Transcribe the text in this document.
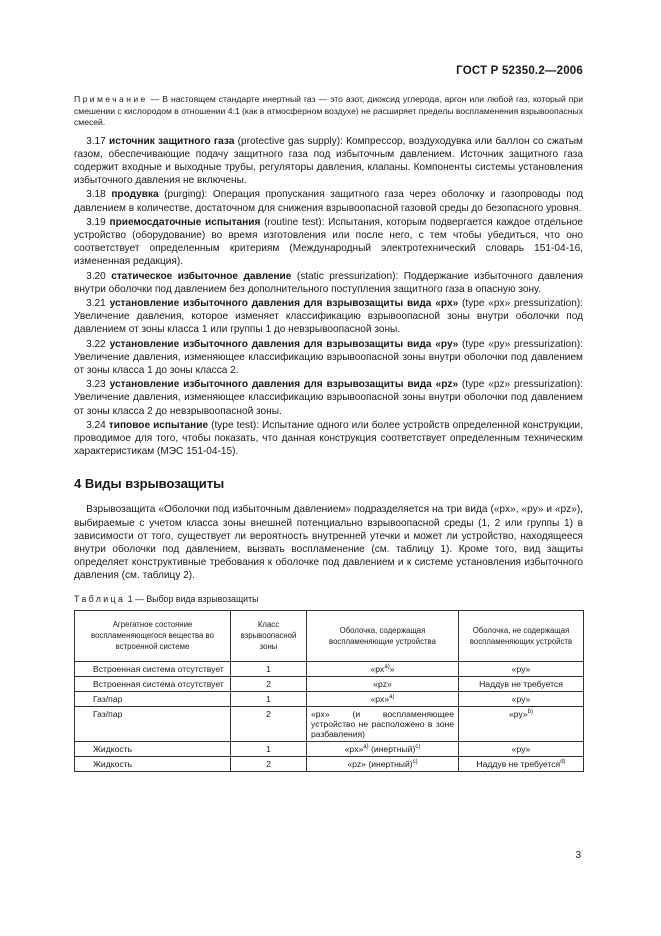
ГОСТ Р 52350.2—2006

Примечание — В настоящем стандарте инертный газ — это азот, диоксид углерода, аргон или любой газ, который при смешении с кислородом в отношении 4:1 (как в атмосферном воздухе) не расширяет пределы воспламенения взрывоопасных смесей.

3.17 источник защитного газа (protective gas supply): Компрессор, воздуходувка или баллон со сжатым газом, обеспечивающие подачу защитного газа под избыточным давлением. Источник защитного газа содержит входные и выходные трубы, регуляторы давления, клапаны. Компоненты системы установления избыточного давления не включены.

3.18 продувка (purging): Операция пропускания защитного газа через оболочку и газопроводы под давлением в количестве, достаточном для снижения взрывоопасной газовой среды до безопасного уровня.

3.19 приемосдаточные испытания (routine test): Испытания, которым подвергается каждое отдельное устройство (оборудование) во время изготовления или после него, с тем чтобы убедиться, что оно соответствует определенным критериям (Международный электротехнический словарь 151-04-16, измененная редакция).

3.20 статическое избыточное давление (static pressurization): Поддержание избыточного давления внутри оболочки под давлением без дополнительного поступления защитного газа в опасную зону.

3.21 установление избыточного давления для взрывозащиты вида «px» (type «px» pressurization): Увеличение давления, которое изменяет классификацию взрывоопасной зоны внутри оболочки под давлением от зоны класса 1 или группы 1 до невзрывоопасной зоны.

3.22 установление избыточного давления для взрывозащиты вида «py» (type «py» pressurization): Увеличение давления, изменяющее классификацию взрывоопасной зоны внутри оболочки под давлением от зоны класса 1 до зоны класса 2.

3.23 установление избыточного давления для взрывозащиты вида «pz» (type «pz» pressurization): Увеличение давления, изменяющее классификацию взрывоопасной зоны внутри оболочки под давлением от зоны класса 2 до невзрывоопасной зоны.

3.24 типовое испытание (type test): Испытание одного или более устройств определенной конструкции, проводимое для того, чтобы показать, что данная конструкция соответствует определенным техническим характеристикам (МЭС 151-04-15).

4 Виды взрывозащиты

Взрывозащита «Оболочки под избыточным давлением» подразделяется на три вида («px», «py» и «pz»), выбираемые с учетом класса зоны внешней потенциально взрывоопасной среды (1, 2 или группы 1) в зависимости от того, существует ли вероятность внутренней утечки и может ли устройство, находящееся внутри оболочки под давлением, вызвать воспламенение (см. таблицу 1). Кроме того, вид защиты определяет конструктивные требования к оболочке под давлением и к системе установления избыточного давления (см. таблицу 2).

Таблица 1 — Выбор вида взрывозащиты

Агрегатное состояние воспламеняющегося вещества во встроенной системе	Класс взрывоопасной зоны	Оболочка, содержащая воспламеняющие устройства	Оболочка, не содержащая воспламеняющих устройств
Встроенная система отсутствует	1	«$px^{a)}$»	«py»
Встроенная система отсутствует	2	«pz»	Наддув не требуется
Газ/пар	1	«px»$^{a)}$	«py»
Газ/пар	2	«px» (и воспламеняющее устройство не расположено в зоне разбавления)	«py»$^{b)}$
Жидкость	1	«px»$^{a)}$ (инертный)$^{c)}$	«py»
Жидкость	2	«pz» (инертный)$^{c)}$	Наддув не требуется$^{d)}$
3
